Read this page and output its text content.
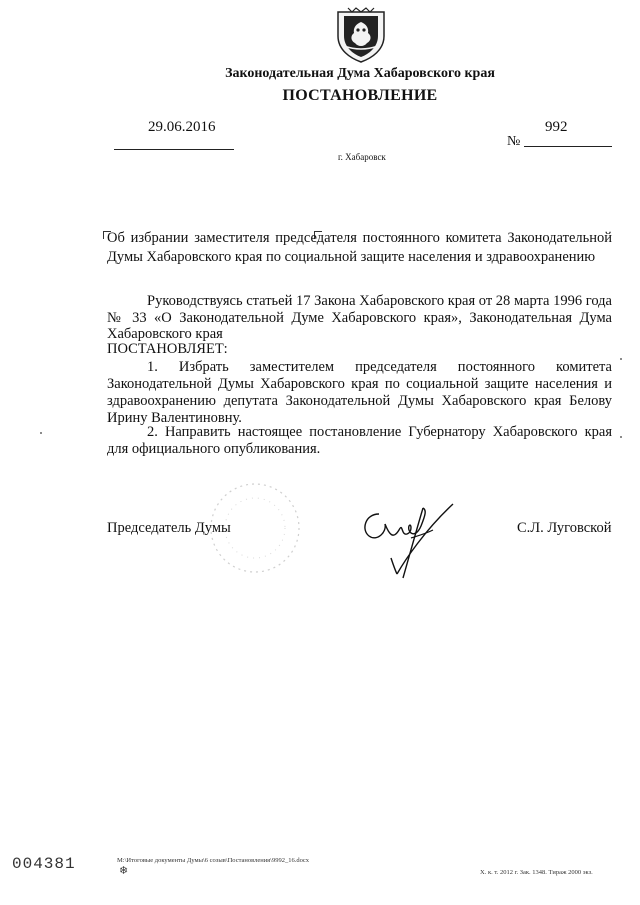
Законодательная Дума Хабаровского края
ПОСТАНОВЛЕНИЕ
29.06.2016
№
992
г. Хабаровск
Об избрании заместителя председателя постоянного комитета Законодательной Думы Хабаровского края по социальной защите населения и здравоохранению
Руководствуясь статьей 17 Закона Хабаровского края от 28 марта 1996 года № 33 «О Законодательной Думе Хабаровского края», Законодательная Дума Хабаровского края
ПОСТАНОВЛЯЕТ:
1. Избрать заместителем председателя постоянного комитета Законодательной Думы Хабаровского края по социальной защите населения и здравоохранению депутата Законодательной Думы Хабаровского края Белову Ирину Валентиновну.
2. Направить настоящее постановление Губернатору Хабаровского края для официального опубликования.
Председатель Думы	С.Л. Луговской
004381	М:\Итоговые документы Думы\6 созыв\Постановления\9992_16.docx
❄	Х. к. т. 2012 г. Зак. 1348. Тираж 2000 экз.
